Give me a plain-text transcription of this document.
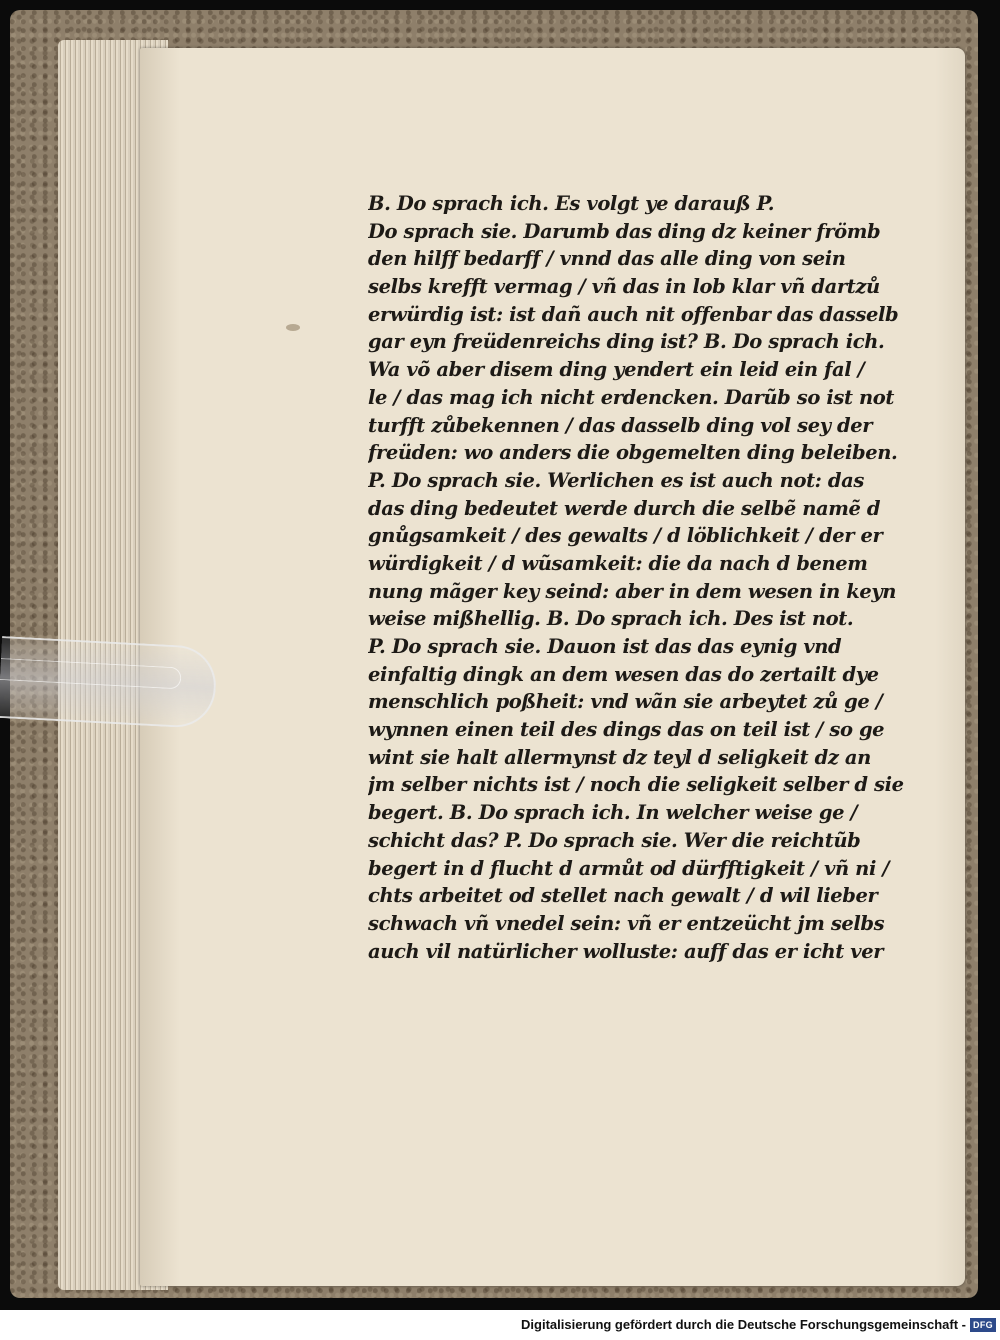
B. Do sprach ich. Es volgt ye darauß P.
Do sprach sie. Darumb das ding dz keiner frömb
den hilff bedarff / vnnd das alle ding von sein
selbs krefft vermag / vñ das in lob klar vñ dartzů
erwürdig ist: ist dañ auch nit offenbar das dasselb
gar eyn freüdenreichs ding ist? B. Do sprach ich.
Wa võ aber disem ding yendert ein leid ein fal /
le / das mag ich nicht erdencken. Darũb so ist not
turfft zůbekennen / das dasselb ding vol sey der
freüden: wo anders die obgemelten ding beleiben.
P. Do sprach sie. Werlichen es ist auch not: das
das ding bedeutet werde durch die selbẽ namẽ d
gnůgsamkeit / des gewalts / d löblichkeit / der er
würdigkeit / d wũsamkeit: die da nach d benem
nung mãger key seind: aber in dem wesen in keyn
weise mißhellig. B. Do sprach ich. Des ist not.
P. Do sprach sie. Dauon ist das das eynig vnd
einfaltig dingk an dem wesen das do zertailt dye
menschlich poßheit: vnd wãn sie arbeytet zů ge /
wynnen einen teil des dings das on teil ist / so ge
wint sie halt allermynst dz teyl d seligkeit dz an
jm selber nichts ist / noch die seligkeit selber d sie
begert. B. Do sprach ich. In welcher weise ge /
schicht das? P. Do sprach sie. Wer die reichtũb
begert in d flucht d armůt od dürfftigkeit / vñ ni /
chts arbeitet od stellet nach gewalt / d wil lieber
schwach vñ vnedel sein: vñ er entzeücht jm selbs
auch vil natürlicher wolluste: auff das er icht ver
Digitalisierung gefördert durch die Deutsche Forschungsgemeinschaft - DFG
